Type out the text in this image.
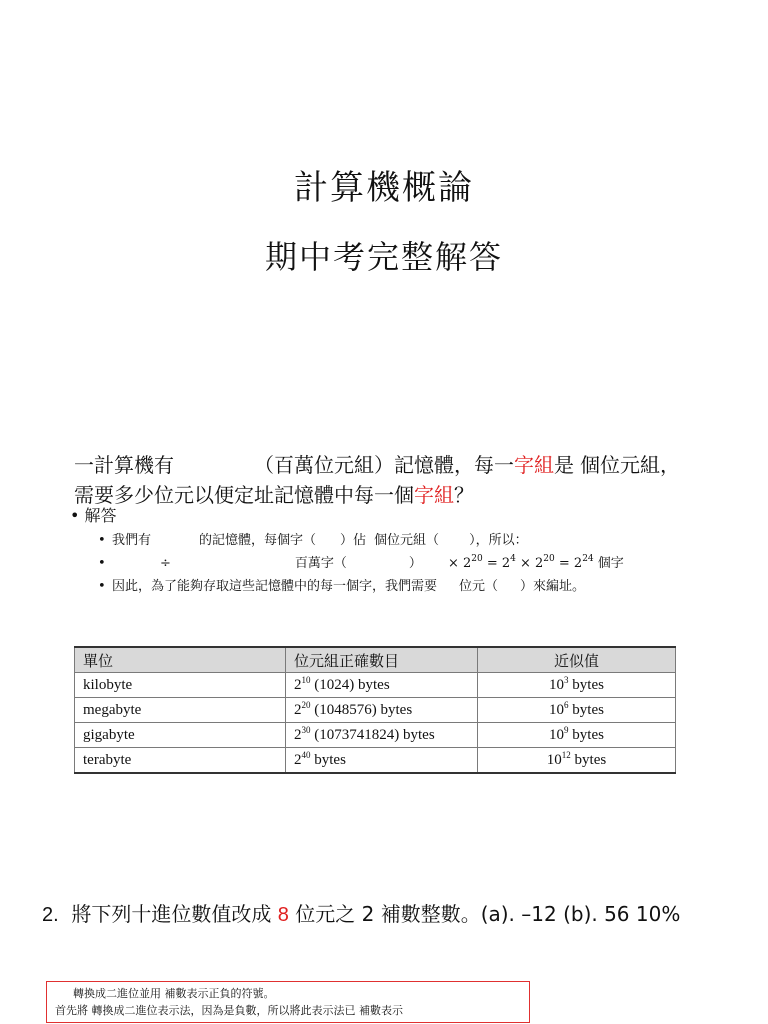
計算機概論
期中考完整解答
一計算機有	（百萬位元組）記憶體，每一字組是 個位元組，
需要多少位元以便定址記憶體中每一個字組？
• 解答
• 我們有	的記憶體，每個字（ ）佔 個位元組（ ），所以：
•	÷	百萬字（	） × $2^{20} = 2^4 \times 2^{20} = 2^{24}$ 個字
• 因此，為了能夠存取這些記憶體中的每一個字，我們需要 位元（ ）來編址。
單位	位元組正確數目	近似值
kilobyte	$2^{10}$ (1024) bytes	$10^3$ bytes
megabyte	$2^{20}$ (1048576) bytes	$10^6$ bytes
gigabyte	$2^{30}$ (1073741824) bytes	$10^9$ bytes
terabyte	$2^{40}$ bytes	$10^{12}$ bytes
2. 將下列十進位數值改成 8 位元之 2 補數整數。(a). –12 (b). 56 10%
轉換成二進位並用 補數表示正負的符號。
首先將 轉換成二進位表示法，因為是負數，所以將此表示法已 補數表示
